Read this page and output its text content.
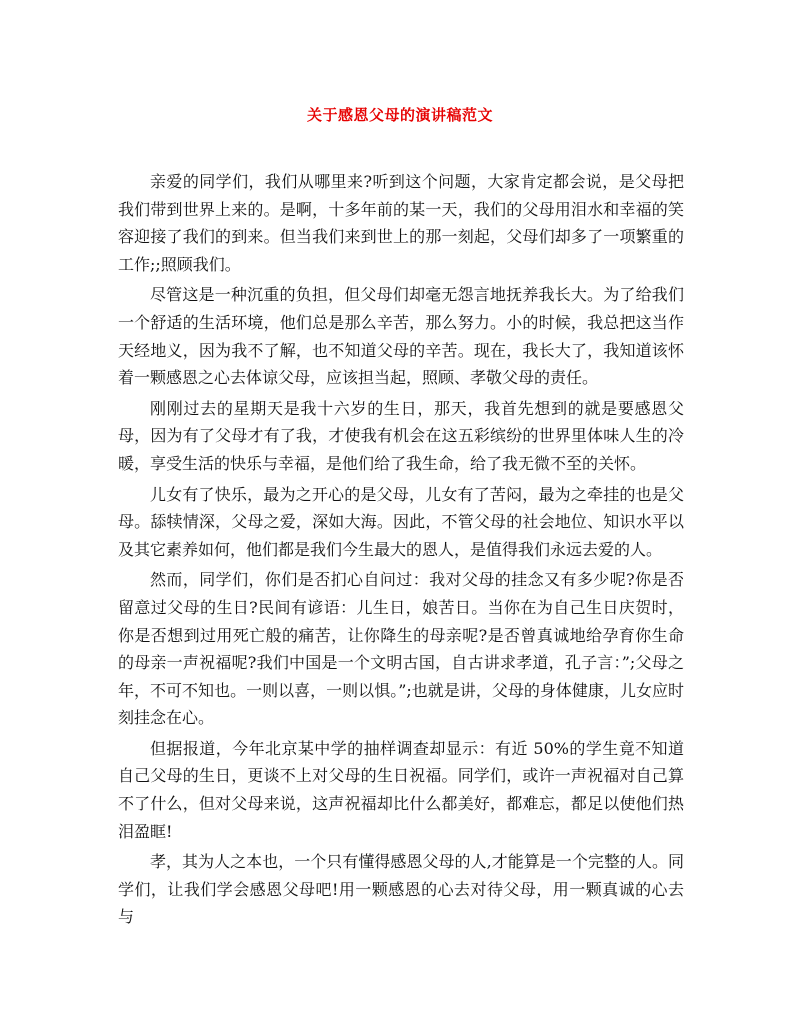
关于感恩父母的演讲稿范文

亲爱的同学们，我们从哪里来?听到这个问题，大家肯定都会说，是父母把我们带到世界上来的。是啊，十多年前的某一天，我们的父母用泪水和幸福的笑容迎接了我们的到来。但当我们来到世上的那一刻起，父母们却多了一项繁重的工作;;照顾我们。

尽管这是一种沉重的负担，但父母们却毫无怨言地抚养我长大。为了给我们一个舒适的生活环境，他们总是那么辛苦，那么努力。小的时候，我总把这当作天经地义，因为我不了解，也不知道父母的辛苦。现在，我长大了，我知道该怀着一颗感恩之心去体谅父母，应该担当起，照顾、孝敬父母的责任。

刚刚过去的星期天是我十六岁的生日，那天，我首先想到的就是要感恩父母，因为有了父母才有了我，才使我有机会在这五彩缤纷的世界里体味人生的冷暖，享受生活的快乐与幸福，是他们给了我生命，给了我无微不至的关怀。

儿女有了快乐，最为之开心的是父母，儿女有了苦闷，最为之牵挂的也是父母。舔犊情深，父母之爱，深如大海。因此，不管父母的社会地位、知识水平以及其它素养如何，他们都是我们今生最大的恩人，是值得我们永远去爱的人。

然而，同学们，你们是否扪心自问过：我对父母的挂念又有多少呢?你是否留意过父母的生日?民间有谚语：儿生日，娘苦日。当你在为自己生日庆贺时，你是否想到过用死亡般的痛苦，让你降生的母亲呢?是否曾真诚地给孕育你生命的母亲一声祝福呢?我们中国是一个文明古国，自古讲求孝道，孔子言：”;父母之年，不可不知也。一则以喜，一则以惧。”;也就是讲，父母的身体健康，儿女应时刻挂念在心。

但据报道，今年北京某中学的抽样调查却显示：有近 50%的学生竟不知道自己父母的生日，更谈不上对父母的生日祝福。同学们，或许一声祝福对自己算不了什么，但对父母来说，这声祝福却比什么都美好，都难忘，都足以使他们热泪盈眶!

孝，其为人之本也，一个只有懂得感恩父母的人,才能算是一个完整的人。同学们，让我们学会感恩父母吧!用一颗感恩的心去对待父母，用一颗真诚的心去与
